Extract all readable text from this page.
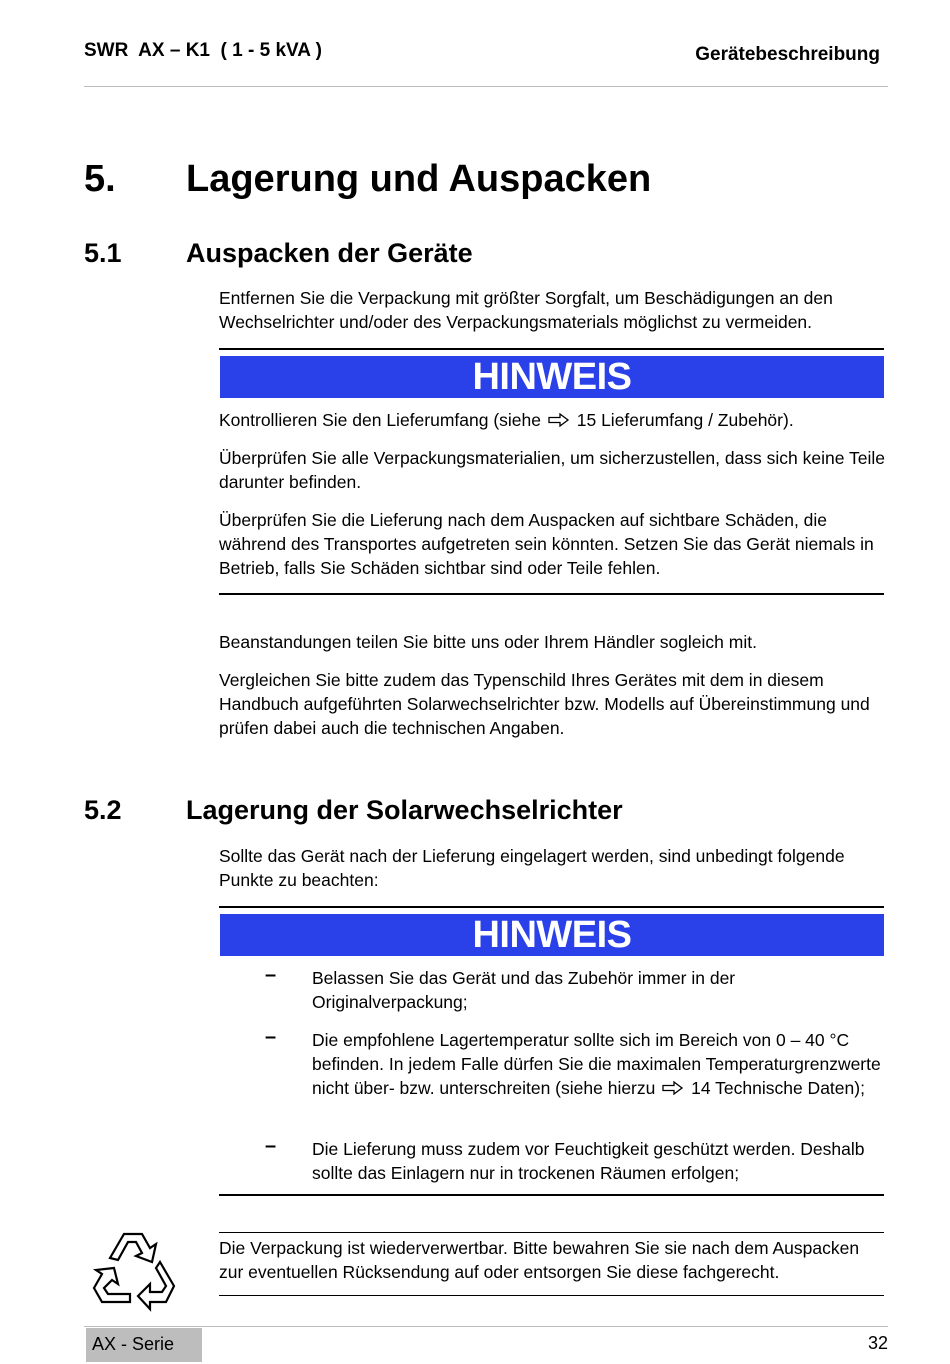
SWR  AX – K1  ( 1 - 5 kVA )	Gerätebeschreibung
5. Lagerung und Auspacken
5.1 Auspacken der Geräte
Entfernen Sie die Verpackung mit größter Sorgfalt, um Beschädigungen an den Wechselrichter und/oder des Verpackungsmaterials möglichst zu vermeiden.
HINWEIS
Kontrollieren Sie den Lieferumfang (siehe 15 Lieferumfang / Zubehör).
Überprüfen Sie alle Verpackungsmaterialien, um sicherzustellen, dass sich keine Teile darunter befinden.
Überprüfen Sie die Lieferung nach dem Auspacken auf sichtbare Schäden, die während des Transportes aufgetreten sein könnten. Setzen Sie das Gerät niemals in Betrieb, falls Sie Schäden sichtbar sind oder Teile fehlen.
Beanstandungen teilen Sie bitte uns oder Ihrem Händler sogleich mit.
Vergleichen Sie bitte zudem das Typenschild Ihres Gerätes mit dem in diesem Handbuch aufgeführten Solarwechselrichter bzw. Modells auf Übereinstimmung und prüfen dabei auch die technischen Angaben.
5.2 Lagerung der Solarwechselrichter
Sollte das Gerät nach der Lieferung eingelagert werden, sind unbedingt folgende Punkte zu beachten:
HINWEIS
– Belassen Sie das Gerät und das Zubehör immer in der Originalverpackung;
– Die empfohlene Lagertemperatur sollte sich im Bereich von 0 – 40 °C befinden. In jedem Falle dürfen Sie die maximalen Temperaturgrenzwerte nicht über- bzw. unterschreiten (siehe hierzu 14 Technische Daten);
– Die Lieferung muss zudem vor Feuchtigkeit geschützt werden. Deshalb sollte das Einlagern nur in trockenen Räumen erfolgen;
Die Verpackung ist wiederverwertbar. Bitte bewahren Sie sie nach dem Auspacken zur eventuellen Rücksendung auf oder entsorgen Sie diese fachgerecht.
AX - Serie	32
